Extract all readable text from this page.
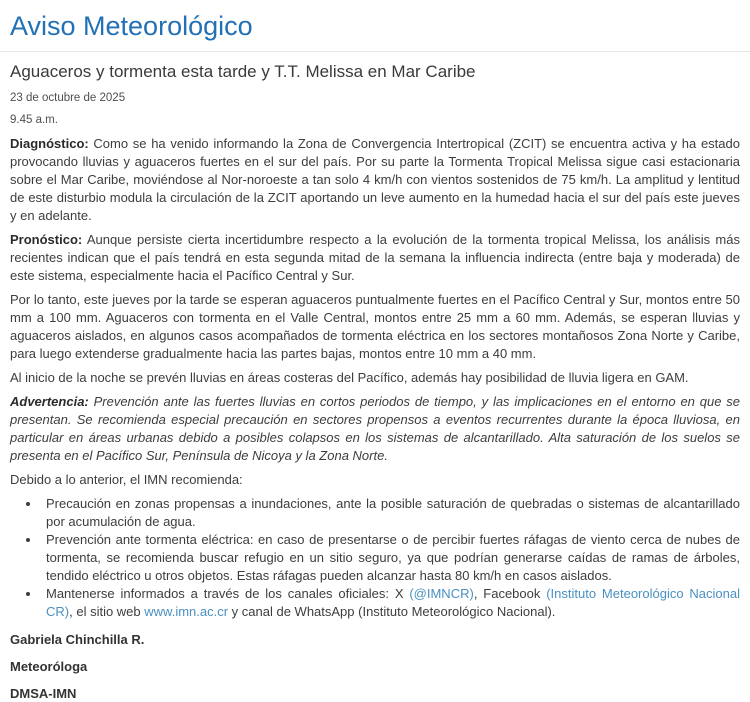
Aviso Meteorológico
Aguaceros y tormenta esta tarde y T.T. Melissa en Mar Caribe

23 de octubre de 2025

9.45 a.m.

Diagnóstico: Como se ha venido informando la Zona de Convergencia Intertropical (ZCIT) se encuentra activa y ha estado provocando lluvias y aguaceros fuertes en el sur del país. Por su parte la Tormenta Tropical Melissa sigue casi estacionaria sobre el Mar Caribe, moviéndose al Nor-noroeste a tan solo 4 km/h con vientos sostenidos de 75 km/h. La amplitud y lentitud de este disturbio modula la circulación de la ZCIT aportando un leve aumento en la humedad hacia el sur del país este jueves y en adelante.

Pronóstico: Aunque persiste cierta incertidumbre respecto a la evolución de la tormenta tropical Melissa, los análisis más recientes indican que el país tendrá en esta segunda mitad de la semana la influencia indirecta (entre baja y moderada) de este sistema, especialmente hacia el Pacífico Central y Sur.

Por lo tanto, este jueves por la tarde se esperan aguaceros puntualmente fuertes en el Pacífico Central y Sur, montos entre 50 mm a 100 mm. Aguaceros con tormenta en el Valle Central, montos entre 25 mm a 60 mm. Además, se esperan lluvias y aguaceros aislados, en algunos casos acompañados de tormenta eléctrica en los sectores montañosos Zona Norte y Caribe, para luego extenderse gradualmente hacia las partes bajas, montos entre 10 mm a 40 mm.

Al inicio de la noche se prevén lluvias en áreas costeras del Pacífico, además hay posibilidad de lluvia ligera en GAM.

Advertencia: Prevención ante las fuertes lluvias en cortos periodos de tiempo, y las implicaciones en el entorno en que se presentan. Se recomienda especial precaución en sectores propensos a eventos recurrentes durante la época lluviosa, en particular en áreas urbanas debido a posibles colapsos en los sistemas de alcantarillado. Alta saturación de los suelos se presenta en el Pacífico Sur, Península de Nicoya y la Zona Norte.

Debido a lo anterior, el IMN recomienda:

• Precaución en zonas propensas a inundaciones, ante la posible saturación de quebradas o sistemas de alcantarillado por acumulación de agua.
• Prevención ante tormenta eléctrica: en caso de presentarse o de percibir fuertes ráfagas de viento cerca de nubes de tormenta, se recomienda buscar refugio en un sitio seguro, ya que podrían generarse caídas de ramas de árboles, tendido eléctrico u otros objetos. Estas ráfagas pueden alcanzar hasta 80 km/h en casos aislados.
• Mantenerse informados a través de los canales oficiales: X (@IMNCR), Facebook (Instituto Meteorológico Nacional CR), el sitio web www.imn.ac.cr y canal de WhatsApp (Instituto Meteorológico Nacional).

Gabriela Chinchilla R.

Meteoróloga

DMSA-IMN
